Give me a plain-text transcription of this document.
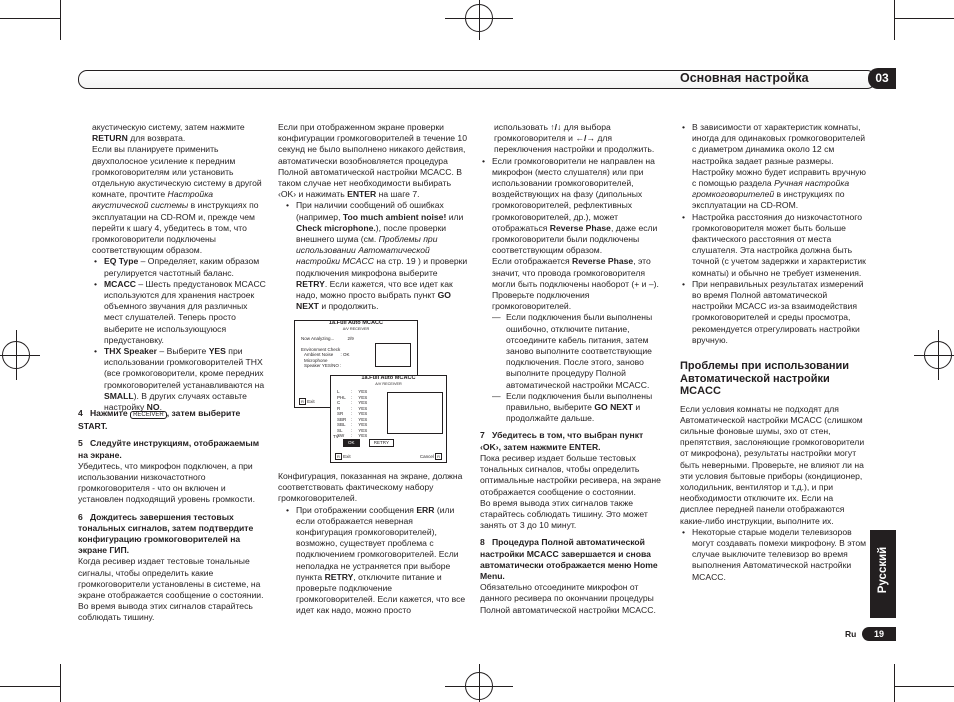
Основная настройка	03

акустическую систему, затем нажмите RETURN для возврата.

Если вы планируете применить двухполосное усиление к передним громкоговорителям или установить отдельную акустическую систему в другой комнате, прочтите Настройка акустической системы в инструкциях по эксплуатации на CD-ROM и, прежде чем перейти к шагу 4, убедитесь в том, что громкоговорители подключены соответствующим образом.

• EQ Type – Определяет, каким образом регулируется частотный баланс.

• MCACC – Шесть предустановок MCACC используются для хранения настроек объемного звучания для различных мест слушателей. Теперь просто выберите не использующуюся предустановку.

• THX Speaker – Выберите YES при использовании громкоговорителей THX (все громкоговорители, кроме передних громкоговорителей устанавливаются на SMALL). В других случаях оставьте настройку NO.

4 Нажмите RECEIVER , затем выберите START.

5 Следуйте инструкциям, отображаемым на экране.

Убедитесь, что микрофон подключен, а при использовании низкочастотного громкоговорителя - что он включен и установлен подходящий уровень громкости.

6 Дождитесь завершения тестовых тональных сигналов, затем подтвердите конфигурацию громкоговорителей на экране ГИП.

Когда ресивер издает тестовые тональные сигналы, чтобы определить какие громкоговорители установлены в системе, на экране отображается сообщение о состоянии. Во время вывода этих сигналов старайтесь соблюдать тишину.

Если при отображенном экране проверки конфигурации громкоговорителей в течение 10 секунд не было выполнено никакого действия, автоматически возобновляется процедура Полной автоматической настройки MCACC. В таком случае нет необходимости выбирать ‹OK› и нажимать ENTER на шаге 7.

• При наличии сообщений об ошибках (например, Too much ambient noise! или Check microphone.), после проверки внешнего шума (см. Проблемы при использовании Автоматической настройки MCACC на стр. 19 ) и проверки подключения микрофона выберите RETRY. Если кажется, что все идет как надо, можно просто выбрать пункт GO NEXT и продолжить.

1a.Full Auto MCACC
A/V RECEIVER
Now Analyzing...	2/9
Environment Check
Ambient Noise : OK
Microphone
Speaker YES/NO :
R Exit
1a.Full Auto MCACC
A/V RECEIVER
L	: YES
PHL : YES
C : YES
R : YES
SR : YES
SBR : YES
SBL : YES
SL : YES
SW : YES
TV
OK	RETRY
R Exit	Cancel R

Конфигурация, показанная на экране, должна соответствовать фактическому набору громкоговорителей.

• При отображении сообщения ERR (или если отображается неверная конфигурация громкоговорителей), возможно, существует проблема с подключением громкоговорителей. Если неполадка не устраняется при выборе пункта RETRY, отключите питание и проверьте подключение громкоговорителей. Если кажется, что все идет как надо, можно просто

использовать ↑/↓ для выбора громкоговорителя и ←/→ для переключения настройки и продолжить.

• Если громкоговорители не направлен на микрофон (место слушателя) или при использовании громкоговорителей, воздействующих на фазу (дипольных громкоговорителей, рефлективных громкоговорителей, др.), может отображаться Reverse Phase, даже если громкоговорители были подключены соответствующим образом.

Если отображается Reverse Phase, это значит, что провода громкоговорителя могли быть подключены наоборот (+ и –). Проверьте подключения громкоговорителей.

— Если подключения были выполнены ошибочно, отключите питание, отсоедините кабель питания, затем заново выполните соответствующие подключения. После этого, заново выполните процедуру Полной автоматической настройки MCACC.

— Если подключения были выполнены правильно, выберите GO NEXT и продолжайте дальше.

7 Убедитесь в том, что выбран пункт ‹OK›, затем нажмите ENTER.

Пока ресивер издает больше тестовых тональных сигналов, чтобы определить оптимальные настройки ресивера, на экране отображается сообщение о состоянии.

Во время вывода этих сигналов также старайтесь соблюдать тишину. Это может занять от 3 до 10 минут.

8 Процедура Полной автоматической настройки MCACC завершается и снова автоматически отображается меню Home Menu.

Обязательно отсоедините микрофон от данного ресивера по окончании процедуры Полной автоматической настройки MCACC.

• В зависимости от характеристик комнаты, иногда для одинаковых громкоговорителей с диаметром динамика около 12 см настройка задает разные размеры. Настройку можно будет исправить вручную с помощью раздела Ручная настройка громкоговорителей в инструкциях по эксплуатации на CD-ROM.

• Настройка расстояния до низкочастотного громкоговорителя может быть больше фактического расстояния от места слушателя. Эта настройка должна быть точной (с учетом задержки и характеристик комнаты) и обычно не требует изменения.

• При неправильных результатах измерений во время Полной автоматической настройки MCACC из-за взаимодействия громкоговорителей и среды просмотра, рекомендуется отрегулировать настройки вручную.

Проблемы при использовании Автоматической настройки MCACC

Если условия комнаты не подходят для Автоматической настройки MCACC (слишком сильные фоновые шумы, эхо от стен, препятствия, заслоняющие громкоговорители от микрофона), результаты настройки могут быть неверными. Проверьте, не влияют ли на эти условия бытовые приборы (кондиционер, холодильник, вентилятор и т.д.), и при необходимости отключите их. Если на дисплее передней панели отображаются какие-либо инструкции, выполните их.

• Некоторые старые модели телевизоров могут создавать помехи микрофону. В этом случае выключите телевизор во время выполнения Автоматической настройки MCACC.	Русский
Ru	19
